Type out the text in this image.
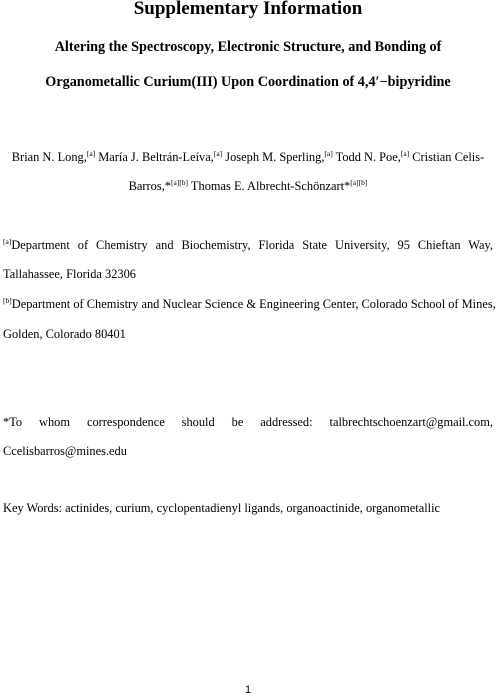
Supplementary Information
Altering the Spectroscopy, Electronic Structure, and Bonding of
Organometallic Curium(III) Upon Coordination of 4,4′−bipyridine
Brian N. Long,[a] María J. Beltrán-Leíva,[a] Joseph M. Sperling,[a] Todd N. Poe,[a] Cristian Celis-
Barros,*[a][b] Thomas E. Albrecht-Schönzart*[a][b]
[a]Department of Chemistry and Biochemistry, Florida State University, 95 Chieftan Way,
Tallahassee, Florida 32306
[b]Department of Chemistry and Nuclear Science & Engineering Center, Colorado School of Mines,
Golden, Colorado 80401
*To whom correspondence should be addressed: talbrechtschoenzart@gmail.com,
Ccelisbarros@mines.edu
Key Words: actinides, curium, cyclopentadienyl ligands, organoactinide, organometallic
1
